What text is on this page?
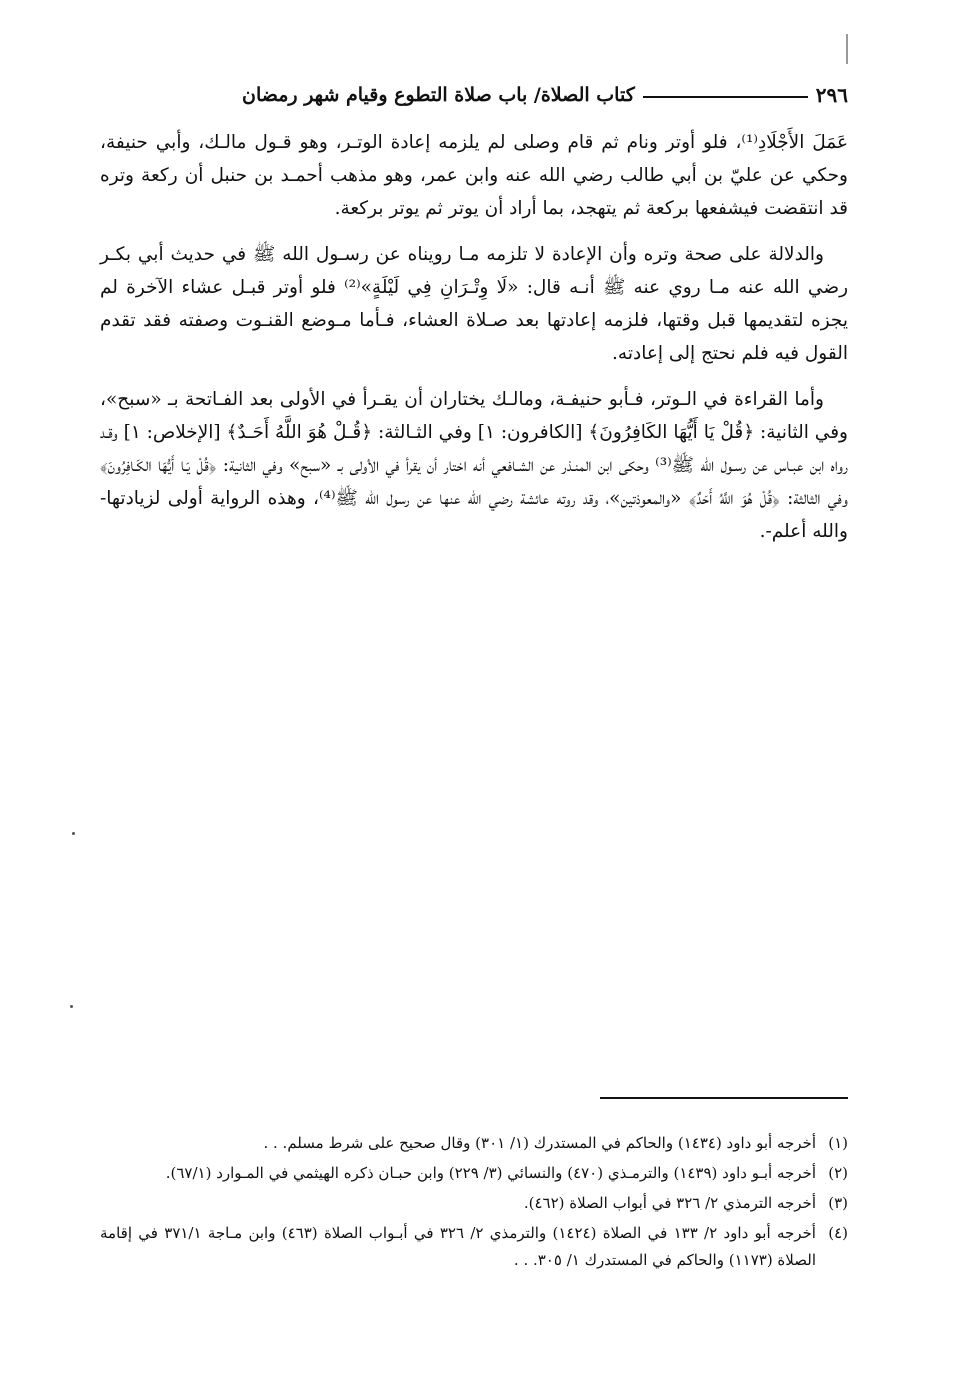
٢٩٦
كتاب الصلاة/ باب صلاة التطوع وقيام شهر رمضان

عَمَلَ الأَجْلَادِ⁽¹⁾، فلو أوتر ونام ثم قام وصلى لم يلزمه إعادة الوتـر، وهو قـول مالـك، وأبي حنيفة، وحكي عن عليّ بن أبي طالب رضي الله عنه وابن عمر، وهو مذهب أحمـد بن حنبل أن ركعة وتره قد انتقضت فيشفعها بركعة ثم يتهجد، بما أراد أن يوتر ثم يوتر بركعة.

والدلالة على صحة وتره وأن الإعادة لا تلزمه مـا رويناه عن رسـول الله ﷺ في حديث أبي بكـر رضي الله عنه مـا روي عنه ﷺ أنـه قال: «لَا وِتْـرَانِ فِي لَيْلَةٍ»⁽²⁾ فلو أوتر قبـل عشاء الآخرة لم يجزه لتقديمها قبل وقتها، فلزمه إعادتها بعد صـلاة العشاء، فـأما مـوضع القنـوت وصفته فقد تقدم القول فيه فلم نحتج إلى إعادته.

وأما القراءة في الـوتر، فـأبو حنيفـة، ومالـك يختاران أن يقـرأ في الأولى بعد الفـاتحة بـ «سبح»، وفي الثانية: ﴿قُلْ يَا أَيُّهَا الكَافِرُونَ﴾ [الكافرون: ١] وفي الثـالثة: ﴿قُـلْ هُوَ اللَّهُ أَحَـدٌ﴾ [الإخلاص: ١] وقـد رواه ابن عبـاس عن رسـول الله ﷺ⁽³⁾ وحكى ابن المنـذر عن الشـافعي أنه اختار أن يقرأ في الأولى بـ «سبح» وفي الثانية: ﴿قُلْ يَـا أَيُّهَا الكَـافِرُونَ﴾ وفي الثالثة: ﴿قُلْ هُوَ اللَّهُ أَحَدٌ﴾ «والمعوذتين»، وقد روته عائشة رضي الله عنها عن رسول الله ﷺ⁽⁴⁾، وهذه الرواية أولى لزيادتها- والله أعلم-.

(١)
أخرجه أبو داود (١٤٣٤) والحاكم في المستدرك (١/ ٣٠١) وقال صحيح على شرط مسلم. . .
(٢)
أخرجه أبـو داود (١٤٣٩) والترمـذي (٤٧٠) والنسائي (٣/ ٢٢٩) وابن حبـان ذكره الهيثمي في المـوارد (٦٧/١).
(٣)
أخرجه الترمذي ٢/ ٣٢٦ في أبواب الصلاة (٤٦٢).
(٤)
أخرجه أبو داود ٢/ ١٣٣ في الصلاة (١٤٢٤) والترمذي ٢/ ٣٢٦ في أبـواب الصلاة (٤٦٣) وابن مـاجة ٣٧١/١ في إقامة الصلاة (١١٧٣) والحاكم في المستدرك ١/ ٣٠٥. . .
